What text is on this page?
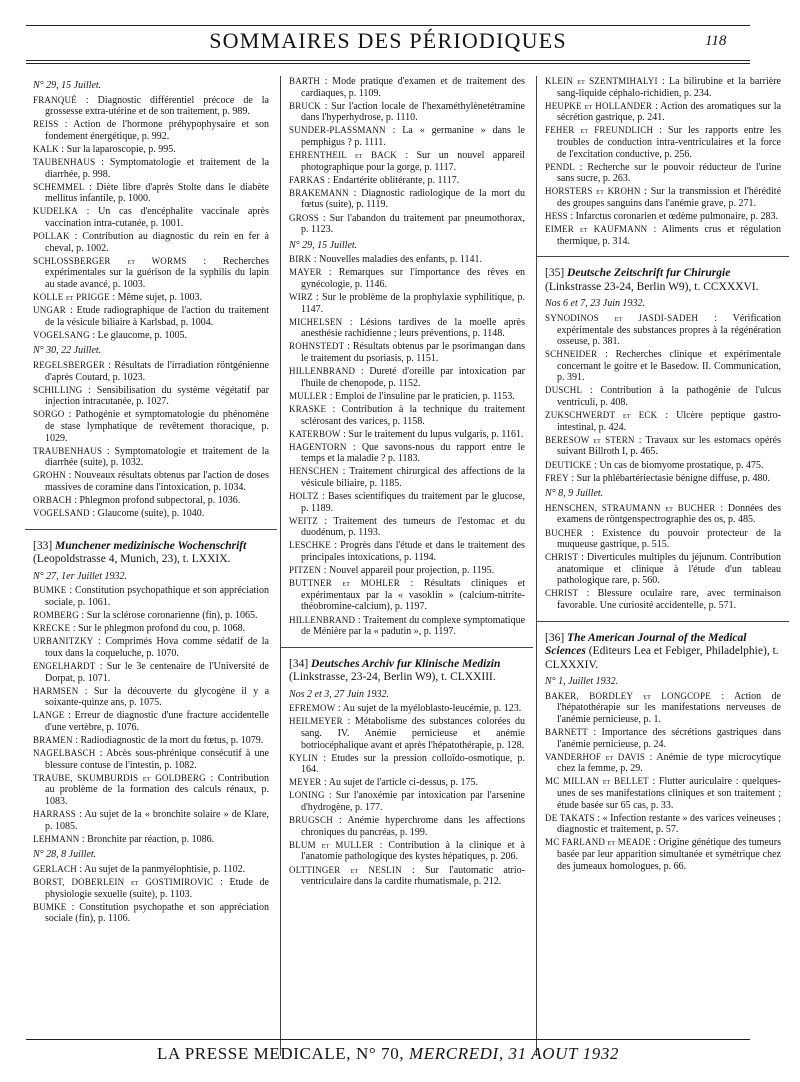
SOMMAIRES DES PÉRIODIQUES	118
N° 29, 15 Juillet.

FRANQUÉ : Diagnostic différentiel précoce de la grossesse extra-utérine et de son traitement, p. 989.

REISS : Action de l'hormone préhypophysaire et son fondement énergétique, p. 992.

KALK : Sur la laparoscopie, p. 995.

TAUBENHAUS : Symptomatologie et traitement de la diarrhée, p. 998.

SCHEMMEL : Diète libre d'après Stolte dans le diabète mellitus infantile, p. 1000.

KUDELKA : Un cas d'encéphalite vaccinale après vaccination intra-cutanée, p. 1001.

POLLAK : Contribution au diagnostic du rein en fer à cheval, p. 1002.

SCHLOSSBERGER et WORMS : Recherches expérimentales sur la guérison de la syphilis du lapin au stade avancé, p. 1003.

KOLLE et PRIGGE : Même sujet, p. 1003.

UNGAR : Etude radiographique de l'action du traitement de la vésicule biliaire à Karlsbad, p. 1004.

VOGELSANG : Le glaucome, p. 1005.

N° 30, 22 Juillet.

REGELSBERGER : Résultats de l'irradiation röntgénienne d'après Coutard, p. 1023.

SCHILLING : Sensibilisation du système végétatif par injection intracutanée, p. 1027.

SORGO : Pathogénie et symptomatologie du phénomène de stase lymphatique de revêtement thoracique, p. 1029.

TRAUBENHAUS : Symptomatologie et traitement de la diarrhée (suite), p. 1032.

GROHN : Nouveaux résultats obtenus par l'action de doses massives de coramine dans l'intoxication, p. 1034.

ORBACH : Phlegmon profond subpectoral, p. 1036.

VOGELSAND : Glaucome (suite), p. 1040.

[33] Munchener medizinische Wochenschrift (Leopoldstrasse 4, Munich, 23), t. LXXIX.
N° 27, 1er Juillet 1932.

BUMKE : Constitution psychopathique et son appréciation sociale, p. 1061.

ROMBERG : Sur la sclérose coronarienne (fin), p. 1065.

KRECKE : Sur le phlegmon profond du cou, p. 1068.

URBANITZKY : Comprimés Hova comme sédatif de la toux dans la coqueluche, p. 1070.

ENGELHARDT : Sur le 3e centenaire de l'Université de Dorpat, p. 1071.

HARMSEN : Sur la découverte du glycogène il y a soixante-quinze ans, p. 1075.

LANGE : Erreur de diagnostic d'une fracture accidentelle d'une vertèbre, p. 1076.

BRAMEN : Radiodiagnostic de la mort du fœtus, p. 1079.

NAGELBASCH : Abcès sous-phrénique consécutif à une blessure contuse de l'intestin, p. 1082.

TRAUBE, SKUMBURDIS et GOLDBERG : Contribution au problème de la formation des calculs rénaux, p. 1083.

HARRASS : Au sujet de la « bronchite solaire » de Klare, p. 1085.

LEHMANN : Bronchite par réaction, p. 1086.

N° 28, 8 Juillet.

GERLACH : Au sujet de la panmyélophtisie, p. 1102.

BORST, DOBERLEIN et GOSTIMIROVIC : Etude de physiologie sexuelle (suite), p. 1103.

BUMKE : Constitution psychopathe et son appréciation sociale (fin), p. 1106.

BARTH : Mode pratique d'examen et de traitement des cardiaques, p. 1109.

BRUCK : Sur l'action locale de l'hexaméthylènetétramine dans l'hyperhydrose, p. 1110.

SUNDER-PLASSMANN : La « germanine » dans le pemphigus ? p. 1111.

EHRENTHEIL et BACK : Sur un nouvel appareil photographique pour la gorge, p. 1117.

FARKAS : Endartérite oblitérante, p. 1117.

BRAKEMANN : Diagnostic radiologique de la mort du fœtus (suite), p. 1119.

GROSS : Sur l'abandon du traitement par pneumothorax, p. 1123.

N° 29, 15 Juillet.

BIRK : Nouvelles maladies des enfants, p. 1141.

MAYER : Remarques sur l'importance des rêves en gynécologie, p. 1146.

WIRZ : Sur le problème de la prophylaxie syphilitique, p. 1147.

MICHELSEN : Lésions tardives de la moelle après anesthésie rachidienne ; leurs préventions, p. 1148.

ROHNSTEDT : Résultats obtenus par le psorimangan dans le traitement du psoriasis, p. 1151.

HILLENBRAND : Dureté d'oreille par intoxication par l'huile de chenopode, p. 1152.

MULLER : Emploi de l'insuline par le praticien, p. 1153.

KRASKE : Contribution à la technique du traitement sclérosant des varices, p. 1158.

KATERBOW : Sur le traitement du lupus vulgaris, p. 1161.

HAGENTORN : Que savons-nous du rapport entre le temps et la maladie ? p. 1183.

HENSCHEN : Traitement chirurgical des affections de la vésicule biliaire, p. 1185.

HOLTZ : Bases scientifiques du traitement par le glucose, p. 1189.

WEITZ : Traitement des tumeurs de l'estomac et du duodénum, p. 1193.

LESCHKE : Progrès dans l'étude et dans le traitement des principales intoxications, p. 1194.

PITZEN : Nouvel appareil pour projection, p. 1195.

BUTTNER et MOHLER : Résultats cliniques et expérimentaux par la « vasoklin » (calcium-nitrite-théobromine-calcium), p. 1197.

HILLENBRAND : Traitement du complexe symptomatique de Ménière par la « padutin », p. 1197.

[34] Deutsches Archiv fur Klinische Medizin (Linkstrasse, 23-24, Berlin W9), t. CLXXIII.
Nos 2 et 3, 27 Juin 1932.

EFREMOW : Au sujet de la myéloblasto-leucémie, p. 123.

HEILMEYER : Métabolisme des substances colorées du sang. IV. Anémie pernicieuse et anémie botriocéphalique avant et après l'hépatothérapie, p. 128.

KYLIN : Etudes sur la pression colloïdo-osmotique, p. 164.

MEYER : Au sujet de l'article ci-dessus, p. 175.

LONING : Sur l'anoxémie par intoxication par l'arsenine d'hydrogène, p. 177.

BRUGSCH : Anémie hyperchrome dans les affections chroniques du pancréas, p. 199.

BLUM et MULLER : Contribution à la clinique et à l'anatomie pathologique des kystes hépatiques, p. 206.

OLTTINGER et NESLIN : Sur l'automatic atrio-ventriculaire dans la cardite rhumatismale, p. 212.

KLEIN et SZENTMIHALYI : La bilirubine et la barrière sang-liquide céphalo-richidien, p. 234.

HEUPKE et HOLLANDER : Action des aromatiques sur la sécrétion gastrique, p. 241.

FEHER et FREUNDLICH : Sur les rapports entre les troubles de conduction intra-ventriculaires et la force de l'excitation conductive, p. 256.

PENDL : Recherche sur le pouvoir réducteur de l'urine sans sucre, p. 263.

HORSTERS et KROHN : Sur la transmission et l'hérédité des groupes sanguins dans l'anémie grave, p. 271.

HESS : Infarctus coronarien et œdème pulmonaire, p. 283.

EIMER et KAUFMANN : Aliments crus et régulation thermique, p. 314.

[35] Deutsche Zeitschrift fur Chirurgie (Linkstrasse 23-24, Berlin W9), t. CCXXXVI.
Nos 6 et 7, 23 Juin 1932.

SYNODINOS et JASDI-SADEH : Vérification expérimentale des substances propres à la régénération osseuse, p. 381.

SCHNEIDER : Recherches clinique et expérimentale concernant le goitre et le Basedow. II. Communication, p. 391.

DUSCHL : Contribution à la pathogénie de l'ulcus ventriculi, p. 408.

ZUKSCHWERDT et ECK : Ulcère peptique gastro-intestinal, p. 424.

BERESOW et STERN : Travaux sur les estomacs opérés suivant Billroth I, p. 465.

DEUTICKE : Un cas de biomyome prostatique, p. 475.

FREY : Sur la phlébartériectasie bénigne diffuse, p. 480.

N° 8, 9 Juillet.

HENSCHEN, STRAUMANN et BUCHER : Données des examens de röntgenspectrographie des os, p. 485.

BUCHER : Existence du pouvoir protecteur de la muqueuse gastrique, p. 515.

CHRIST : Diverticules multiples du jéjunum. Contribution anatomique et clinique à l'étude d'un tableau pathologique rare, p. 560.

CHRIST : Blessure oculaire rare, avec terminaison favorable. Une curiosité accidentelle, p. 571.

[36] The American Journal of the Medical Sciences (Editeurs Lea et Febiger, Philadelphie), t. CLXXXIV.
N° 1, Juillet 1932.

BAKER, BORDLEY et LONGCOPE : Action de l'hépatothérapie sur les manifestations nerveuses de l'anémie pernicieuse, p. 1.

BARNETT : Importance des sécrétions gastriques dans l'anémie pernicieuse, p. 24.

VANDERHOF et DAVIS : Anémie de type microcytique chez la femme, p. 29.

MC MILLAN et BELLET : Flutter auriculaire : quelques-unes de ses manifestations cliniques et son traitement ; étude basée sur 65 cas, p. 33.

DE TAKATS : « Infection restante » des varices veineuses ; diagnostic et traitement, p. 57.

MC FARLAND et MEADE : Origine génétique des tumeurs basée par leur apparition simultanée et symétrique chez des jumeaux homologues, p. 66.

LA PRESSE MEDICALE, N° 70, MERCREDI, 31 AOUT 1932
